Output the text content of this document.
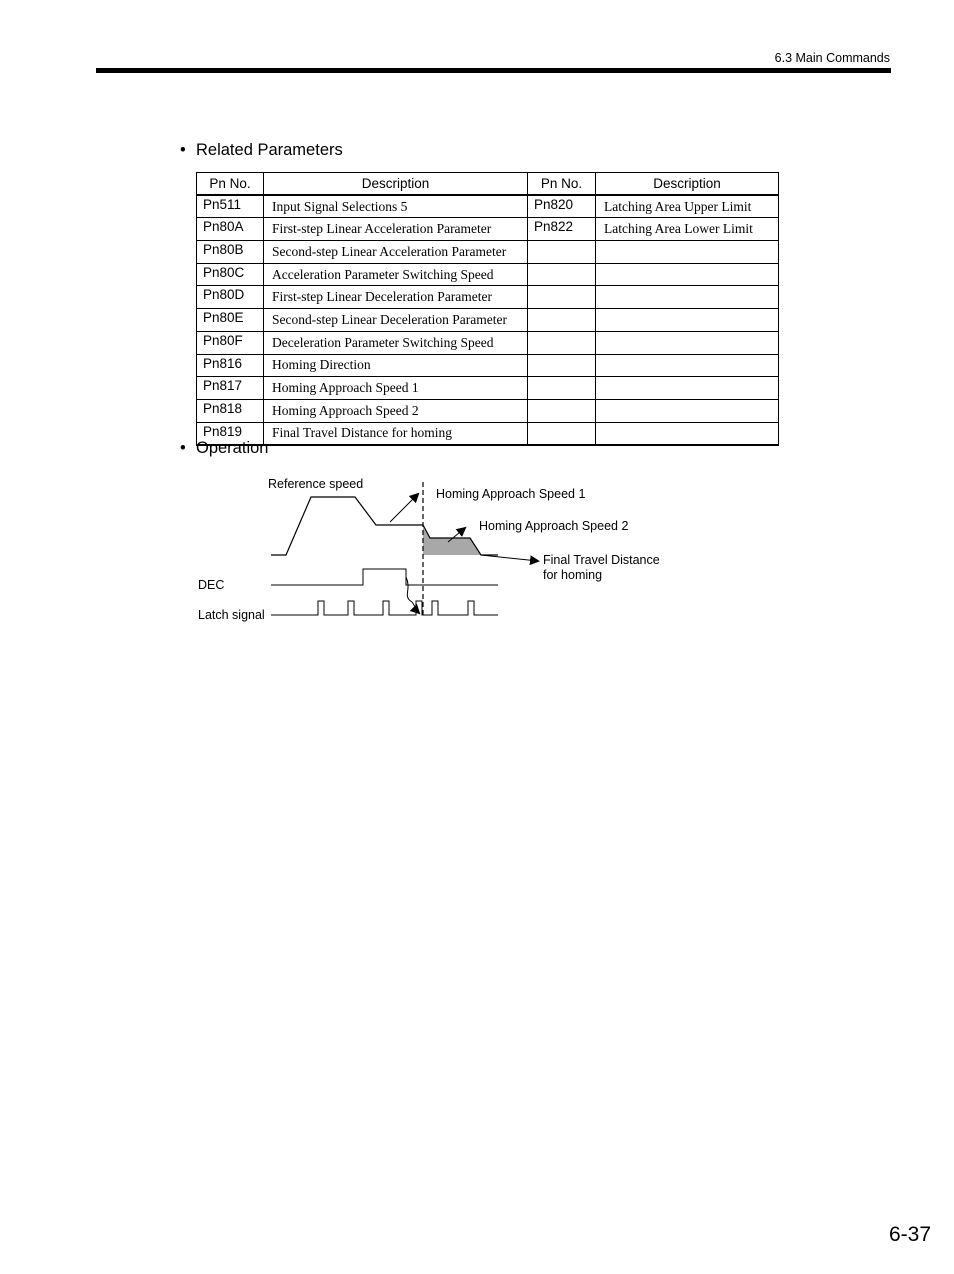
6.3 Main Commands
• Related Parameters
Pn No.	Description	Pn No.	Description
Pn511	Input Signal Selections 5	Pn820	Latching Area Upper Limit
Pn80A	First-step Linear Acceleration Parameter	Pn822	Latching Area Lower Limit
Pn80B	Second-step Linear Acceleration Parameter		
Pn80C	Acceleration Parameter Switching Speed		
Pn80D	First-step Linear Deceleration Parameter		
Pn80E	Second-step Linear Deceleration Parameter		
Pn80F	Deceleration Parameter Switching Speed		
Pn816	Homing Direction		
Pn817	Homing Approach Speed 1		
Pn818	Homing Approach Speed 2		
Pn819	Final Travel Distance for homing		
• Operation
Reference speed
Homing Approach Speed 1
Homing Approach Speed 2
Final Travel Distance
for homing
DEC
Latch signal
6-37
